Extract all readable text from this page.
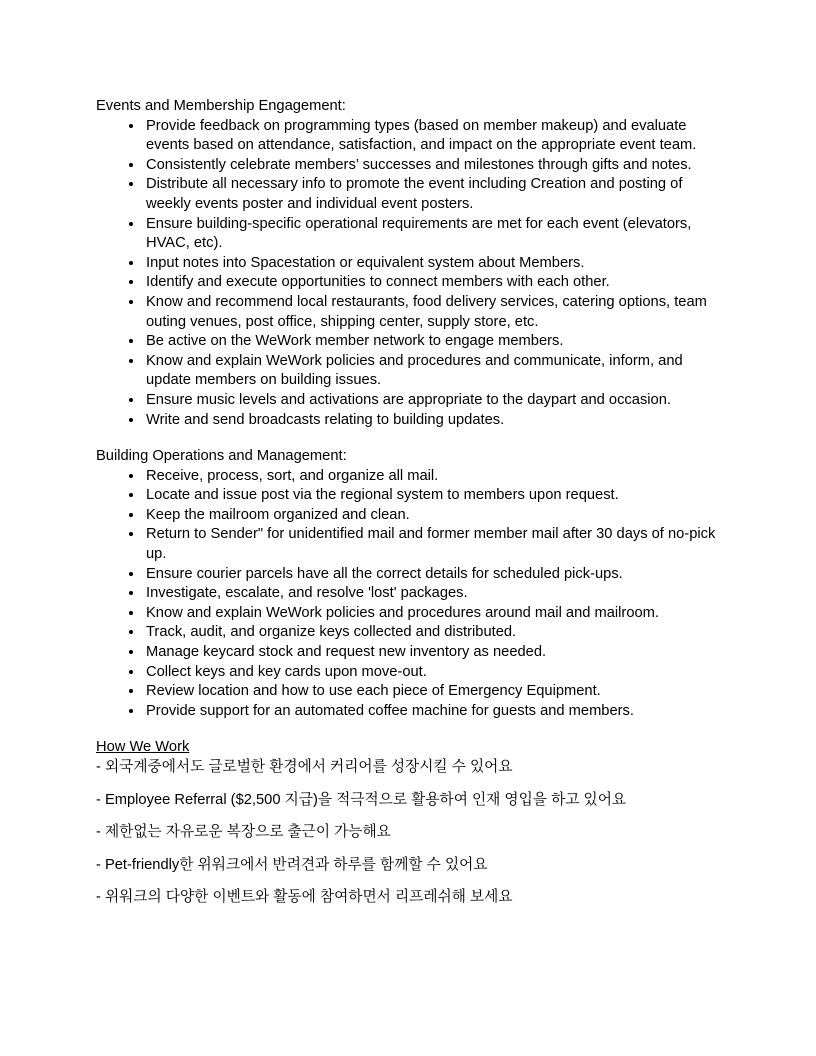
Events and Membership Engagement:
• Provide feedback on programming types (based on member makeup) and evaluate events based on attendance, satisfaction, and impact on the appropriate event team.
• Consistently celebrate members’ successes and milestones through gifts and notes.
• Distribute all necessary info to promote the event including Creation and posting of weekly events poster and individual event posters.
• Ensure building-specific operational requirements are met for each event (elevators, HVAC, etc).
• Input notes into Spacestation or equivalent system about Members.
• Identify and execute opportunities to connect members with each other.
• Know and recommend local restaurants, food delivery services, catering options, team outing venues, post office, shipping center, supply store, etc.
• Be active on the WeWork member network to engage members.
• Know and explain WeWork policies and procedures and communicate, inform, and update members on building issues.
• Ensure music levels and activations are appropriate to the daypart and occasion.
• Write and send broadcasts relating to building updates.
Building Operations and Management:
• Receive, process, sort, and organize all mail.
• Locate and issue post via the regional system to members upon request.
• Keep the mailroom organized and clean.
• Return to Sender" for unidentified mail and former member mail after 30 days of no-pick up.
• Ensure courier parcels have all the correct details for scheduled pick-ups.
• Investigate, escalate, and resolve 'lost' packages.
• Know and explain WeWork policies and procedures around mail and mailroom.
• Track, audit, and organize keys collected and distributed.
• Manage keycard stock and request new inventory as needed.
• Collect keys and key cards upon move-out.
• Review location and how to use each piece of Emergency Equipment.
• Provide support for an automated coffee machine for guests and members.
How We Work

- 외국계중에서도 글로벌한 환경에서 커리어를 성장시킬 수 있어요

- Employee Referral ($2,500 지급)을 적극적으로 활용하여 인재 영입을 하고 있어요

- 제한없는 자유로운 복장으로 출근이 가능해요

- Pet-friendly한 위워크에서 반려견과 하루를 함께할 수 있어요

- 위워크의 다양한 이벤트와 활동에 참여하면서 리프레쉬해 보세요
